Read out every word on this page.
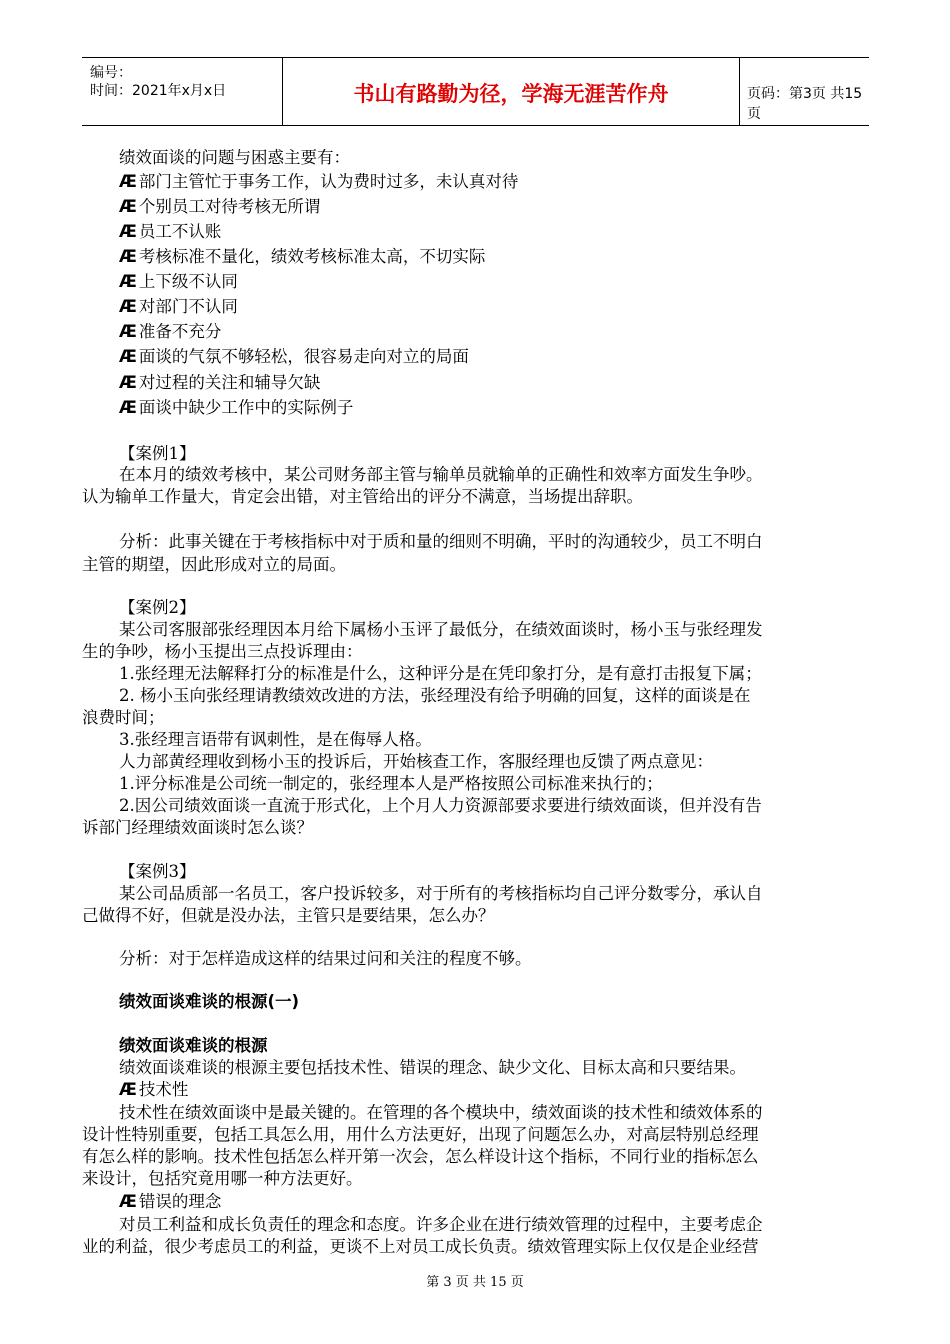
编号：
时间：2021年x月x日	书山有路勤为径，学海无涯苦作舟	页码：第3页 共15页
绩效面谈的问题与困惑主要有：
Æ 部门主管忙于事务工作，认为费时过多，未认真对待
Æ 个别员工对待考核无所谓
Æ 员工不认账
Æ 考核标准不量化，绩效考核标准太高，不切实际
Æ 上下级不认同
Æ 对部门不认同
Æ 准备不充分
Æ 面谈的气氛不够轻松，很容易走向对立的局面
Æ 对过程的关注和辅导欠缺
Æ 面谈中缺少工作中的实际例子
【案例1】
在本月的绩效考核中，某公司财务部主管与输单员就输单的正确性和效率方面发生争吵。
认为输单工作量大，肯定会出错，对主管给出的评分不满意，当场提出辞职。
分析：此事关键在于考核指标中对于质和量的细则不明确，平时的沟通较少，员工不明白
主管的期望，因此形成对立的局面。
【案例2】
某公司客服部张经理因本月给下属杨小玉评了最低分，在绩效面谈时，杨小玉与张经理发
生的争吵，杨小玉提出三点投诉理由：
1.张经理无法解释打分的标准是什么，这种评分是在凭印象打分，是有意打击报复下属；
2. 杨小玉向张经理请教绩效改进的方法，张经理没有给予明确的回复，这样的面谈是在
浪费时间；
3.张经理言语带有讽刺性，是在侮辱人格。
人力部黄经理收到杨小玉的投诉后，开始核查工作，客服经理也反馈了两点意见：
1.评分标准是公司统一制定的，张经理本人是严格按照公司标准来执行的；
2.因公司绩效面谈一直流于形式化，上个月人力资源部要求要进行绩效面谈，但并没有告
诉部门经理绩效面谈时怎么谈？
【案例3】
某公司品质部一名员工，客户投诉较多，对于所有的考核指标均自己评分数零分，承认自
己做得不好，但就是没办法，主管只是要结果，怎么办？
分析：对于怎样造成这样的结果过问和关注的程度不够。
绩效面谈难谈的根源(一)
绩效面谈难谈的根源
绩效面谈难谈的根源主要包括技术性、错误的理念、缺少文化、目标太高和只要结果。
Æ 技术性
技术性在绩效面谈中是最关键的。在管理的各个模块中，绩效面谈的技术性和绩效体系的
设计性特别重要，包括工具怎么用，用什么方法更好，出现了问题怎么办，对高层特别总经理
有怎么样的影响。技术性包括怎么样开第一次会，怎么样设计这个指标，不同行业的指标怎么
来设计，包括究竟用哪一种方法更好。
Æ 错误的理念
对员工利益和成长负责任的理念和态度。许多企业在进行绩效管理的过程中，主要考虑企
业的利益，很少考虑员工的利益，更谈不上对员工成长负责。绩效管理实际上仅仅是企业经营
第 3 页 共 15 页
